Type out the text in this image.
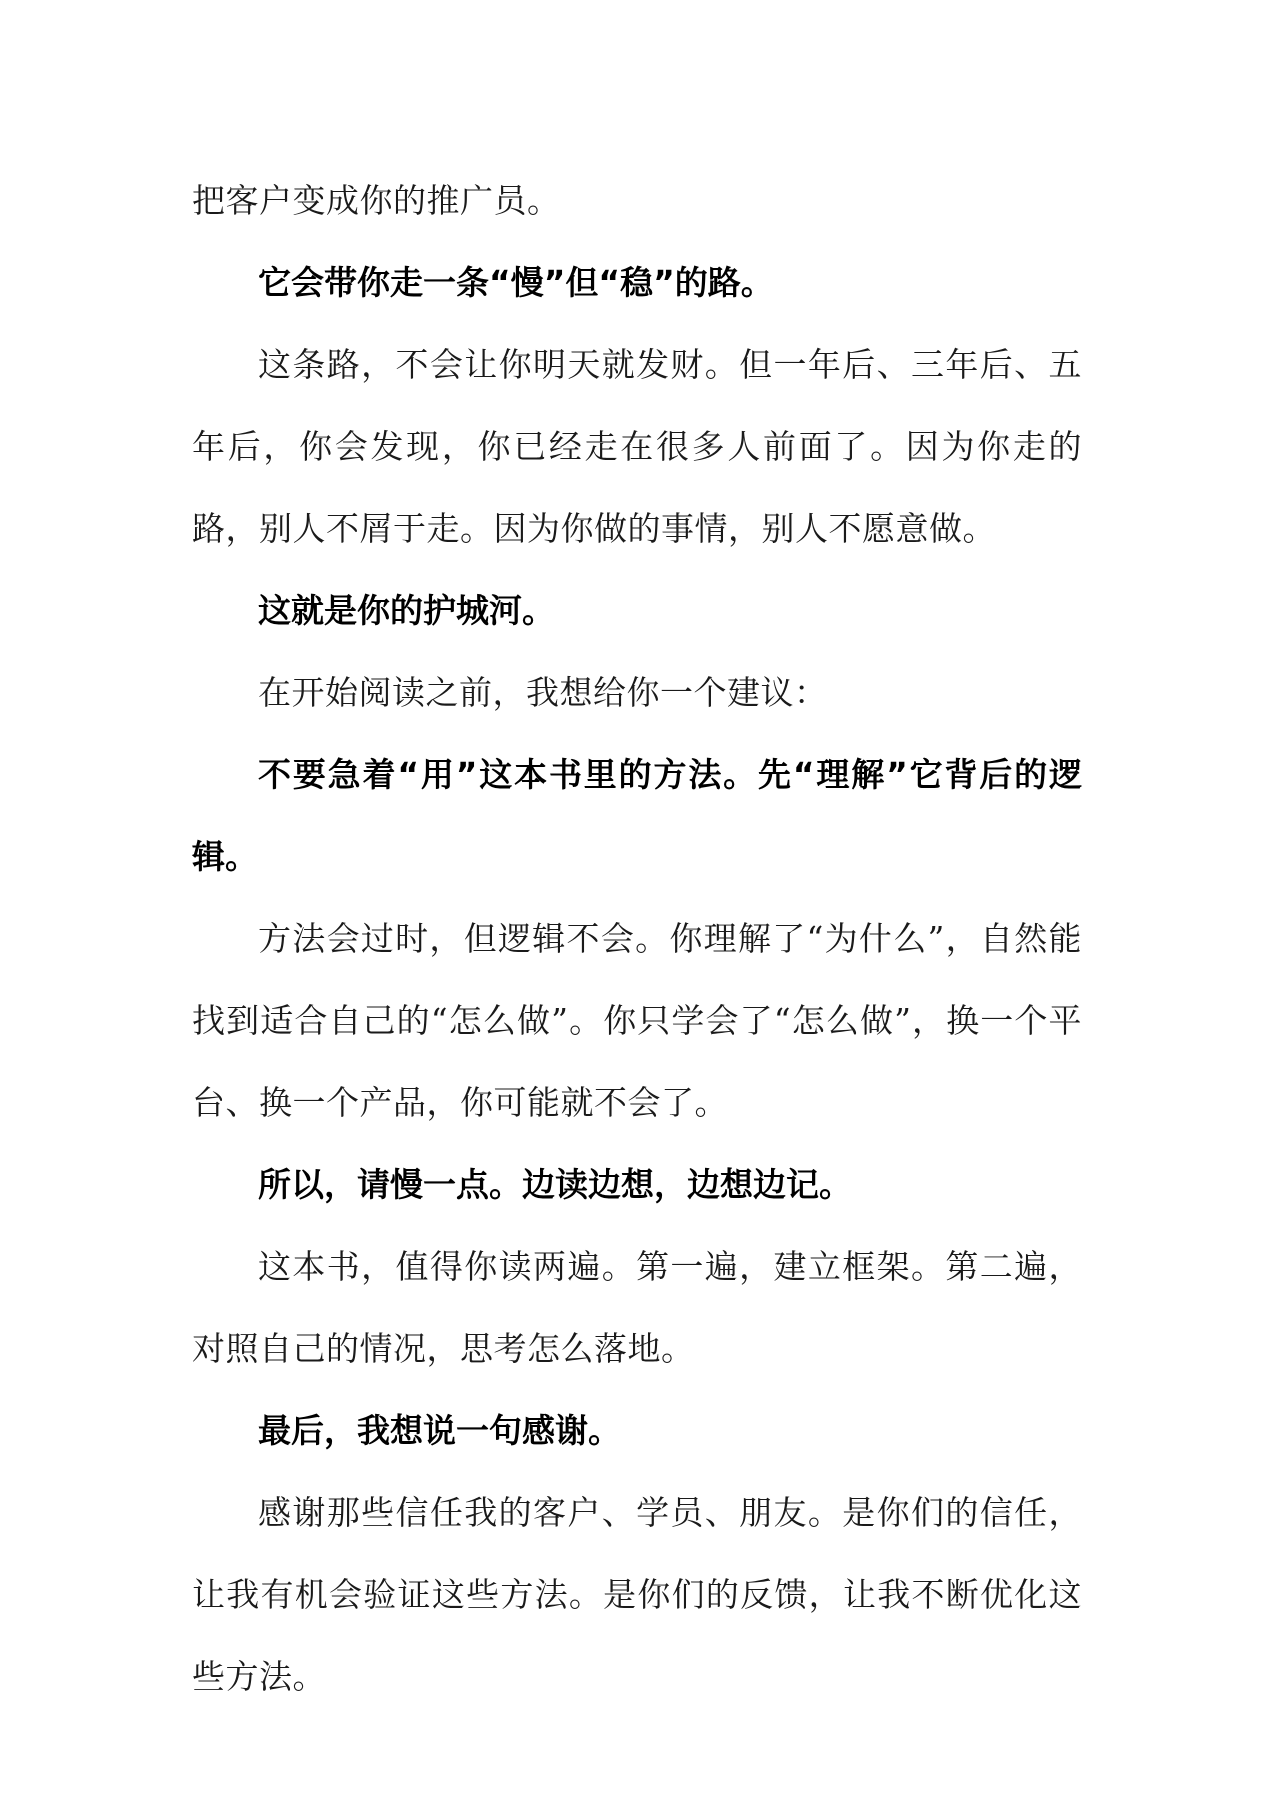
把客户变成你的推广员。

它会带你走一条“慢”但“稳”的路。

这条路，不会让你明天就发财。但一年后、三年后、五年后，你会发现，你已经走在很多人前面了。因为你走的路，别人不屑于走。因为你做的事情，别人不愿意做。

这就是你的护城河。

在开始阅读之前，我想给你一个建议：

不要急着“用”这本书里的方法。先“理解”它背后的逻辑。

方法会过时，但逻辑不会。你理解了“为什么”，自然能找到适合自己的“怎么做”。你只学会了“怎么做”，换一个平台、换一个产品，你可能就不会了。

所以，请慢一点。边读边想，边想边记。

这本书，值得你读两遍。第一遍，建立框架。第二遍，对照自己的情况，思考怎么落地。

最后，我想说一句感谢。

感谢那些信任我的客户、学员、朋友。是你们的信任，让我有机会验证这些方法。是你们的反馈，让我不断优化这些方法。
